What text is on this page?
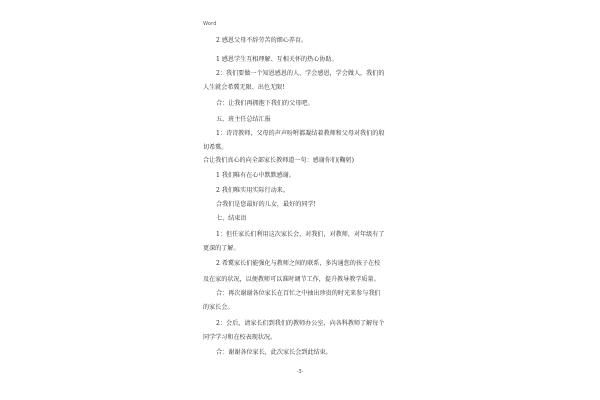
Word
2 感恩父母不辞劳苦的细心养育。
1 感恩学生互相理解、互相关怀的热心协助。
2：我们要做一个知恩感恩的人，学会感恩，学会做人，我们的
人生就会希冀无限、出色无限!
合：让我们再拥抱下我们的父母吧。
五、班主任总结汇报
1：诗诗教师，父母的声声吩咐都凝结着教师和父母对我们的殷
切希冀。
合让我们真心的向全部家长教师道一句：感谢你们(鞠躬)
1 我们唯有在心中默默感谢。
2 我们唯实用实际行动来。
合我们是您最好的儿女，最好的同学!
七、结束语
1：但任家长们利用这次家长会，对我们，对教师，对年级有了
更深的了解。
2 希冀家长们能强化与教师之间的联系，多沟通您的孩子在校
及在家的状况，以便教师可以准时调节工作，提升教导教学质量。
合：再次谢谢各位家长在百忙之中抽出珍贵的时光来参与我们
的家长会。
2：会后，请家长们到我们的教师办公室，向各科教师了解每个
同学学习和在校表现状况。
合：谢谢各位家长，此次家长会到此结束。
-3-
